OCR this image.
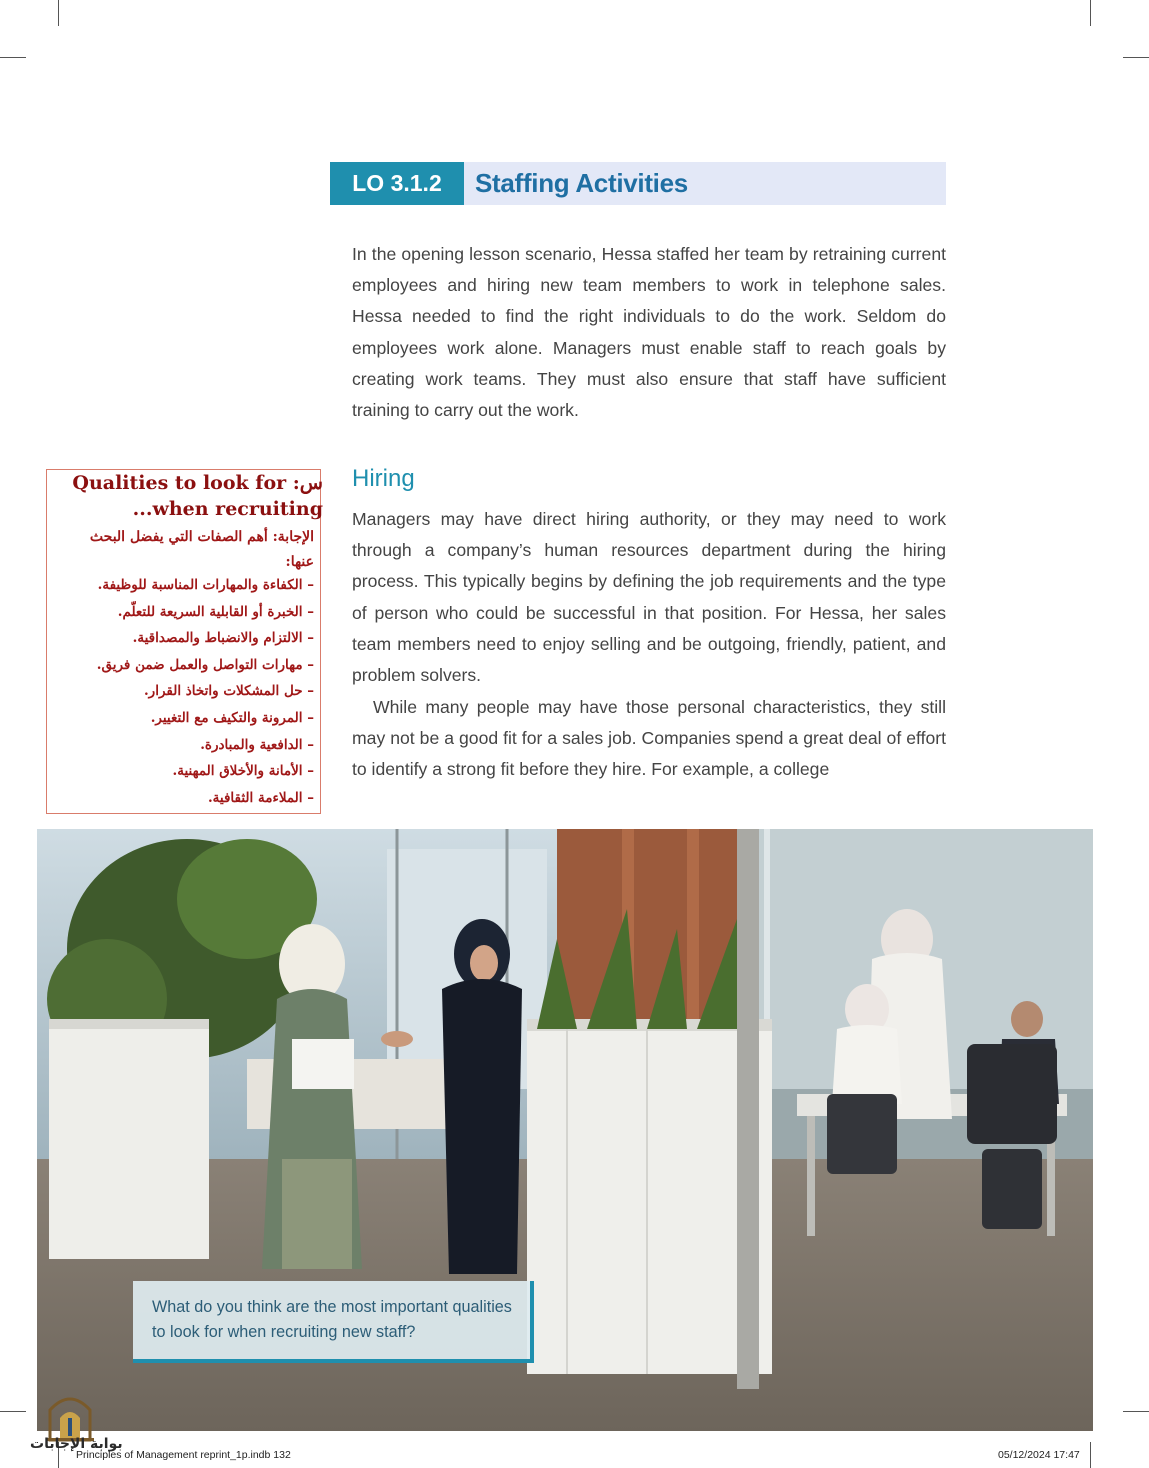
LO 3.1.2	Staffing Activities

In the opening lesson scenario, Hessa staffed her team by retraining current employees and hiring new team members to work in telephone sales. Hessa needed to find the right individuals to do the work. Seldom do employees work alone. Managers must enable staff to reach goals by creating work teams. They must also ensure that staff have sufficient training to carry out the work.

Hiring

Managers may have direct hiring authority, or they may need to work through a company’s human resources department during the hiring process. This typically begins by defining the job requirements and the type of person who could be successful in that position. For Hessa, her sales team members need to enjoy selling and be outgoing, friendly, patient, and problem solvers.

While many people may have those personal characteristics, they still may not be a good fit for a sales job. Companies spend a great deal of effort to identify a strong fit before they hire. For example, a college

س: Qualities to look for
when recruiting...
الإجابة: أهم الصفات التي يفضل البحث
عنها:
– الكفاءة والمهارات المناسبة للوظيفة.
– الخبرة أو القابلية السريعة للتعلّم.
– الالتزام والانضباط والمصداقية.
– مهارات التواصل والعمل ضمن فريق.
– حل المشكلات واتخاذ القرار.
– المرونة والتكيف مع التغيير.
– الدافعية والمبادرة.
– الأمانة والأخلاق المهنية.
– الملاءمة الثقافية.

What do you think are the most important qualities to look for when recruiting new staff?

بوابة الإجابات
Principles of Management reprint_1p.indb 132	05/12/2024 17:47
